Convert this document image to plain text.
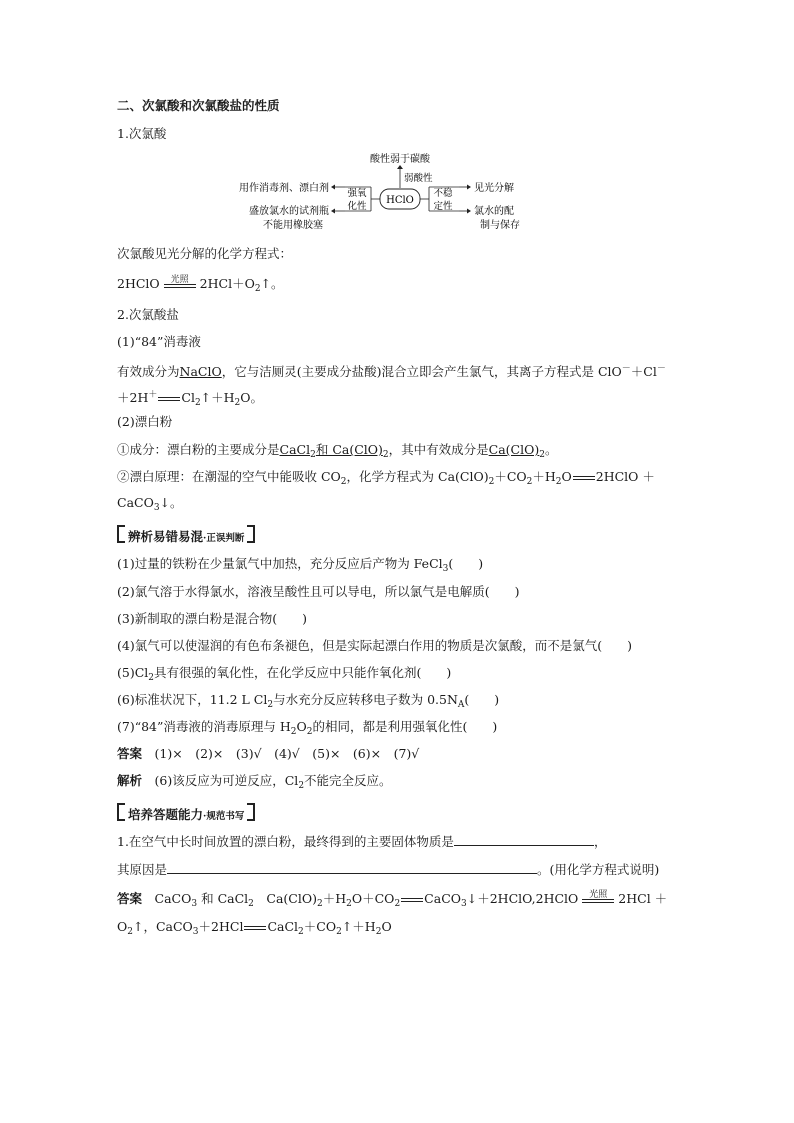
二、次氯酸和次氯酸盐的性质
1.次氯酸
酸性弱于碳酸
弱酸性
HClO
强氧
化性
用作消毒剂、漂白剂
盛放氯水的试剂瓶
不能用橡胶塞
不稳
定性
见光分解
氯水的配
制与保存
次氯酸见光分解的化学方程式：
2HClO	光照 $2HCl+O_2↑$。
2.次氯酸盐
(1)“84”消毒液
有效成分为NaClO，它与洁厕灵(主要成分盐酸)混合立即会产生氯气，其离子方程式是 ClO－＋Cl－
＋2H＋ $Cl_2↑+H_2O$。
(2)漂白粉
①成分：漂白粉的主要成分是CaCl$_2$和 $Ca(ClO)_2$，其中有效成分是$Ca(ClO)_2$。
②漂白原理：在潮湿的空气中能吸收 $CO_2$，化学方程式为 $Ca(ClO)_2+CO_2+H_2O$ 2HClO ＋
CaCO$_3$↓。
辨析易错易混·正误判断
(1)过量的铁粉在少量氯气中加热，充分反应后产物为 FeCl$_3$(　　)
(2)氯气溶于水得氯水，溶液呈酸性且可以导电，所以氯气是电解质(　　)
(3)新制取的漂白粉是混合物(　　)
(4)氯气可以使湿润的有色布条褪色，但是实际起漂白作用的物质是次氯酸，而不是氯气(　　)
$(5)Cl_2$具有很强的氧化性，在化学反应中只能作氧化剂(　　)
(6)标准状况下，11.2 L $Cl_2$与水充分反应转移电子数为 $0.5N_A$(　　)
(7)“84”消毒液的消毒原理与 $H_2O_2$的相同，都是利用强氧化性(　　)
答案　 (1)×　(2)×　(3)√　(4)√　(5)×　(6)×　(7)√
解析　 (6)该反应为可逆反应，$Cl_2$不能完全反应。
培养答题能力·规范书写
1.在空气中长时间放置的漂白粉，最终得到的主要固体物质是	，
其原因是	。(用化学方程式说明)
答案　 CaCO$_3$ 和 CaCl$_2$　 $Ca(ClO)_2+H_2O+CO_2$ CaCO$_3$↓＋2HClO,2HClO	光照 2HCl ＋
$O_2↑$，CaCO$_3$＋2HCl $CaCl_2+CO_2↑+H_2O$
